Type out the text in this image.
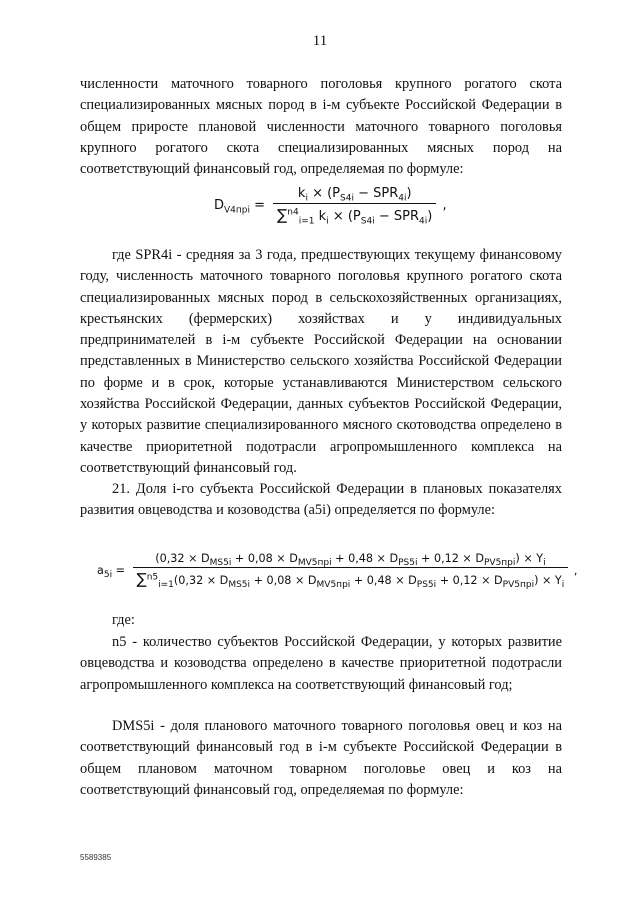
11

численности маточного товарного поголовья крупного рогатого скота специализированных мясных пород в i-м субъекте Российской Федерации в общем приросте плановой численности маточного товарного поголовья крупного рогатого скота специализированных мясных пород на соответствующий финансовый год, определяемая по формуле:

$D_{V4пpi} = \frac{k_i \times (P_{S4i} - SPR_{4i})}{\sum^{n4}_{i=1} k_i \times (P_{S4i} - SPR_{4i})}$ ,

где SPR4i - средняя за 3 года, предшествующих текущему финансовому году, численность маточного товарного поголовья крупного рогатого скота специализированных мясных пород в сельскохозяйственных организациях, крестьянских (фермерских) хозяйствах и у индивидуальных предпринимателей в i-м субъекте Российской Федерации на основании представленных в Министерство сельского хозяйства Российской Федерации по форме и в срок, которые устанавливаются Министерством сельского хозяйства Российской Федерации, данных субъектов Российской Федерации, у которых развитие специализированного мясного скотоводства определено в качестве приоритетной подотрасли агропромышленного комплекса на соответствующий финансовый год.

21. Доля i-го субъекта Российской Федерации в плановых показателях развития овцеводства и козоводства (a5i) определяется по формуле:

$a_{5i}$ =
$(0,32 \times D_{MS5i} + 0,08 \times D_{MV5пpi} + 0,48 \times D_{PS5i} + 0,12 \times D_{PV5пpi}) \times Y_i$
$\sum^{n5}_{i=1}(0,32 \times D_{MS5i} + 0,08 \times D_{MV5пpi} + 0,48 \times D_{PS5i} + 0,12 \times D_{PV5пpi}) \times Y_i$
,

где:

n5 - количество субъектов Российской Федерации, у которых развитие овцеводства и козоводства определено в качестве приоритетной подотрасли агропромышленного комплекса на соответствующий финансовый год;

DMS5i - доля планового маточного товарного поголовья овец и коз на соответствующий финансовый год в i-м субъекте Российской Федерации в общем плановом маточном товарном поголовье овец и коз на соответствующий финансовый год, определяемая по формуле:

5589385
